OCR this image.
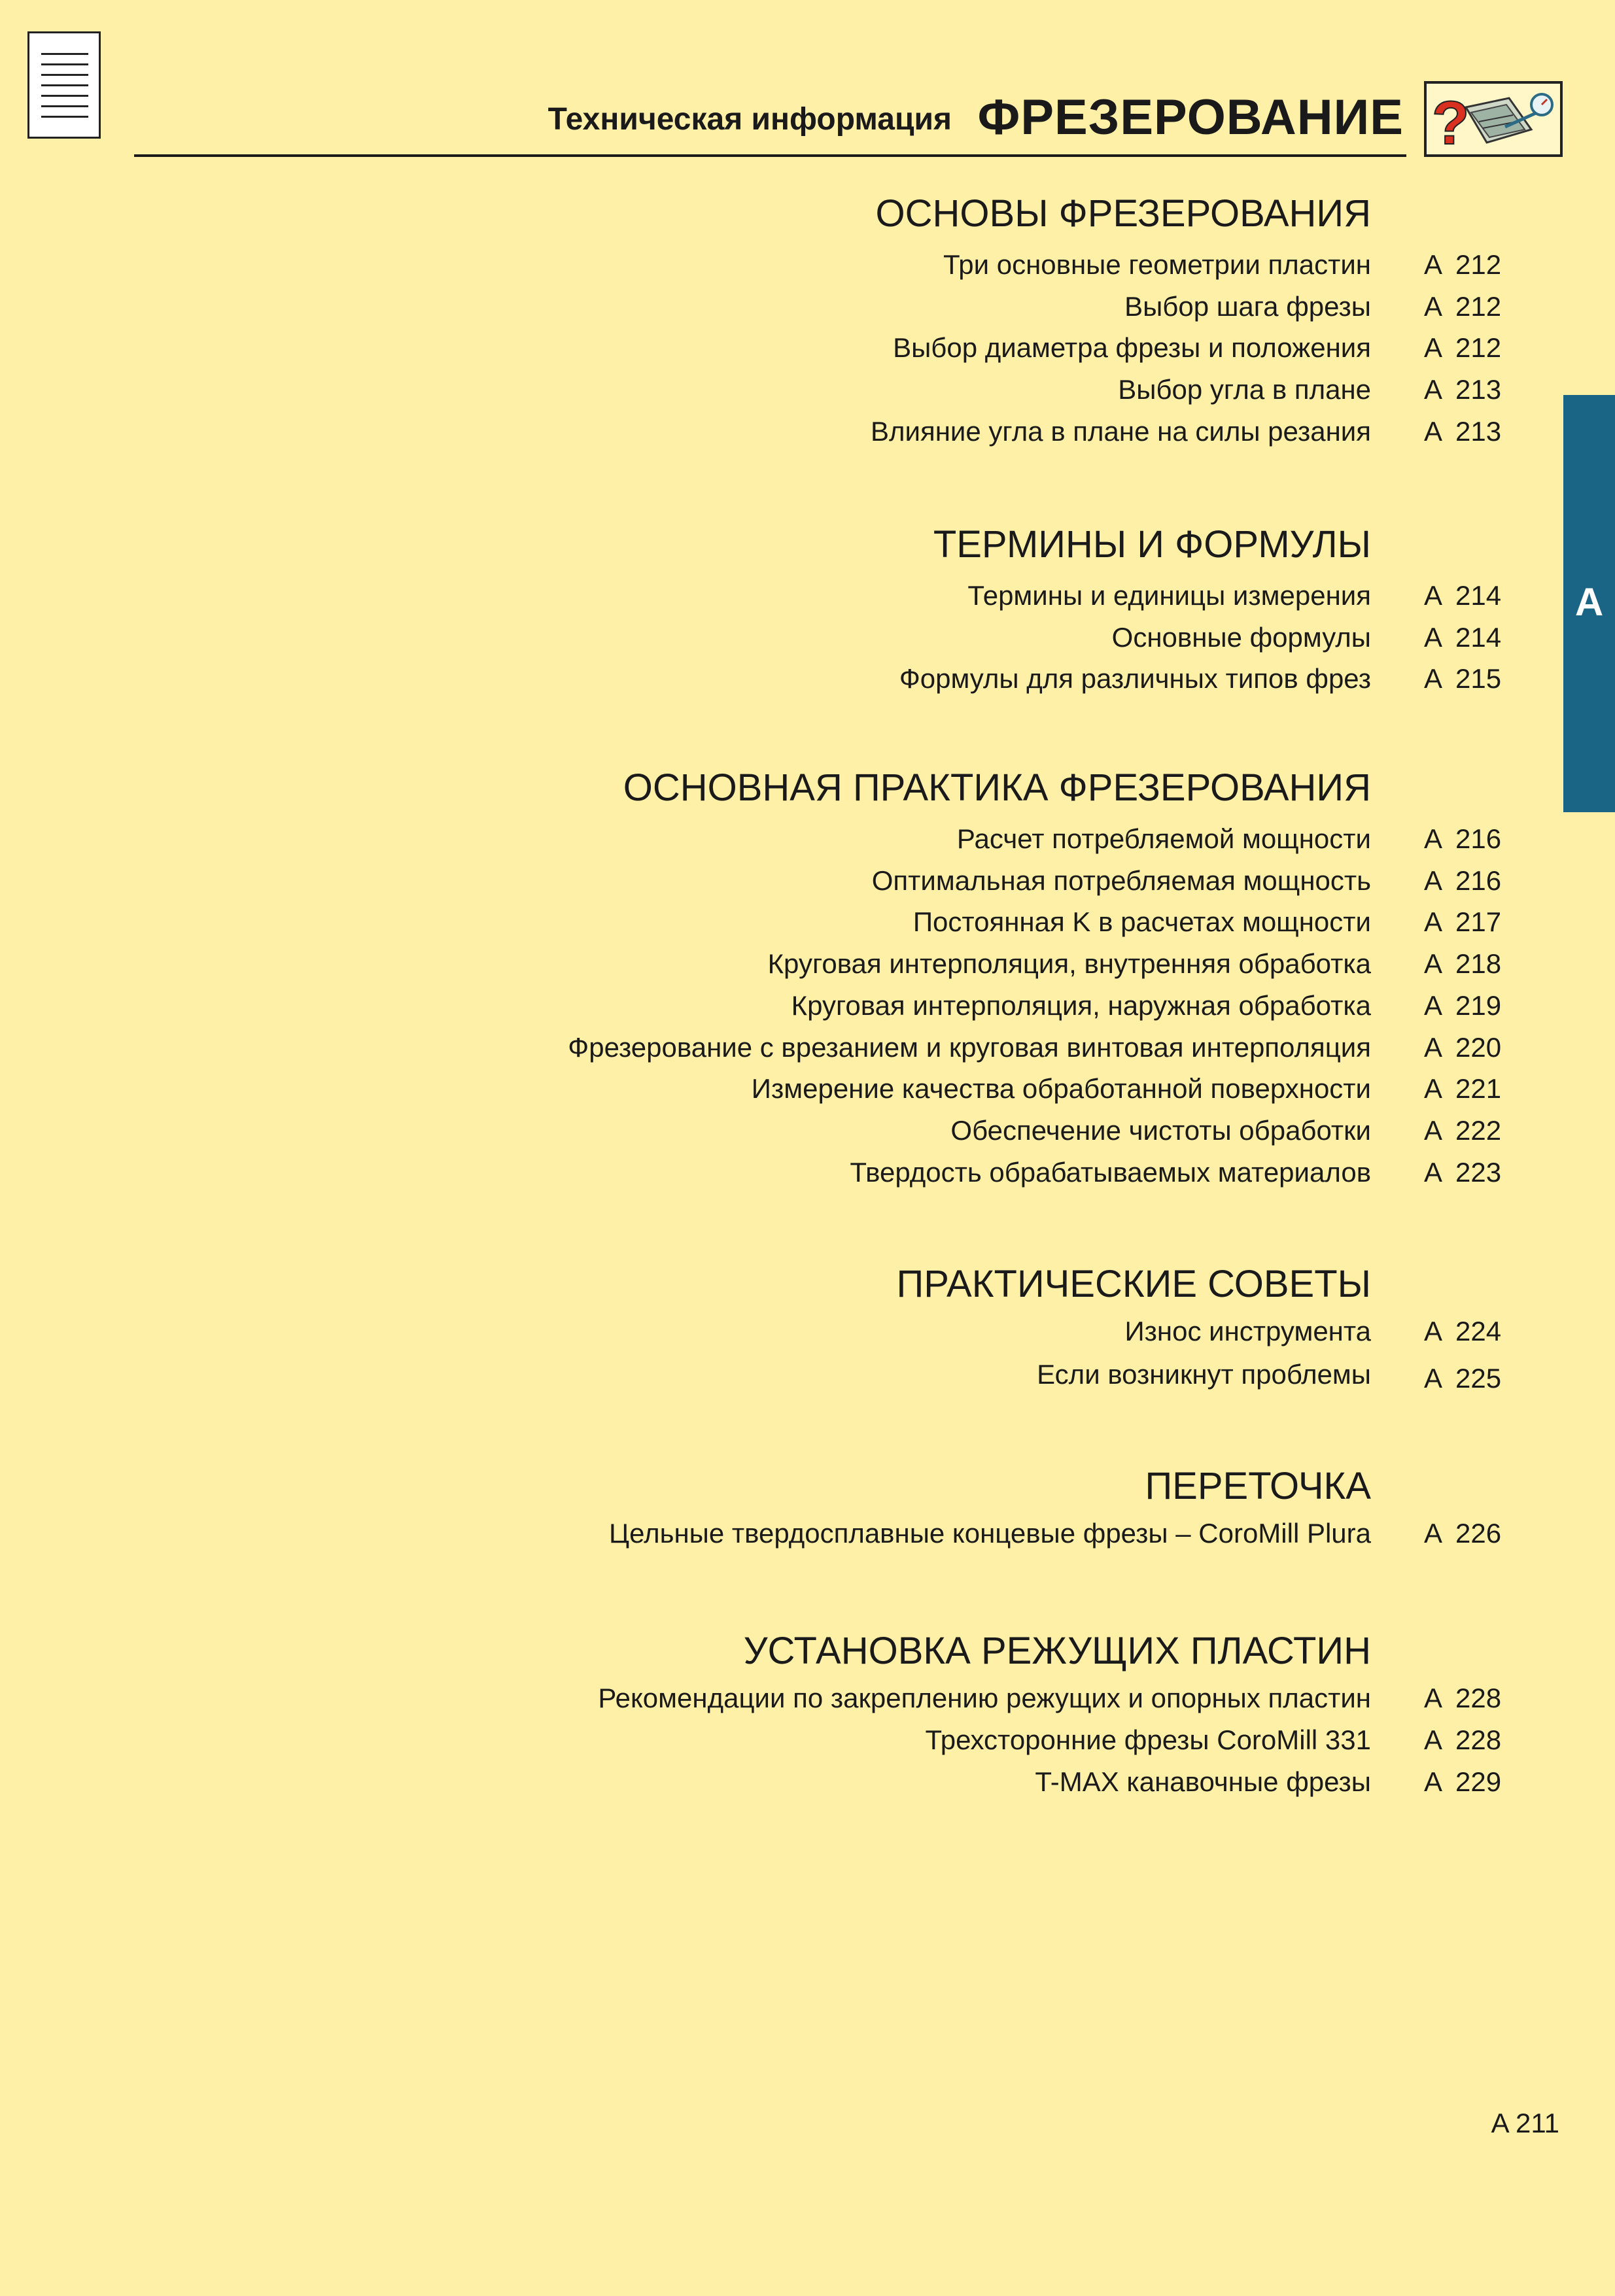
Техническая информация ФРЕЗЕРОВАНИЕ ?
A
ОСНОВЫ ФРЕЗЕРОВАНИЯ
Три основные геометрии пластин A 212
Выбор шага фрезы A 212
Выбор диаметра фрезы и положения A 212
Выбор угла в плане A 213
Влияние угла в плане на силы резания A 213
ТЕРМИНЫ И ФОРМУЛЫ
Термины и единицы измерения A 214
Основные формулы A 214
Формулы для различных типов фрез A 215
ОСНОВНАЯ ПРАКТИКА ФРЕЗЕРОВАНИЯ
Расчет потребляемой мощности A 216
Оптимальная потребляемая мощность A 216
Постоянная K в расчетах мощности A 217
Круговая интерполяция, внутренняя обработка A 218
Круговая интерполяция, наружная обработка A 219
Фрезерование с врезанием и круговая винтовая интерполяция A 220
Измерение качества обработанной поверхности A 221
Обеспечение чистоты обработки A 222
Твердость обрабатываемых материалов A 223
ПРАКТИЧЕСКИЕ СОВЕТЫ
Износ инструмента A 224
Если возникнут проблемы A 225
ПЕРЕТОЧКА
Цельные твердосплавные концевые фрезы – CoroMill Plura A 226
УСТАНОВКА РЕЖУЩИХ ПЛАСТИН
Рекомендации по закреплению режущих и опорных пластин A 228
Трехсторонние фрезы CoroMill 331 A 228
T-MAX канавочные фрезы A 229
A 211
